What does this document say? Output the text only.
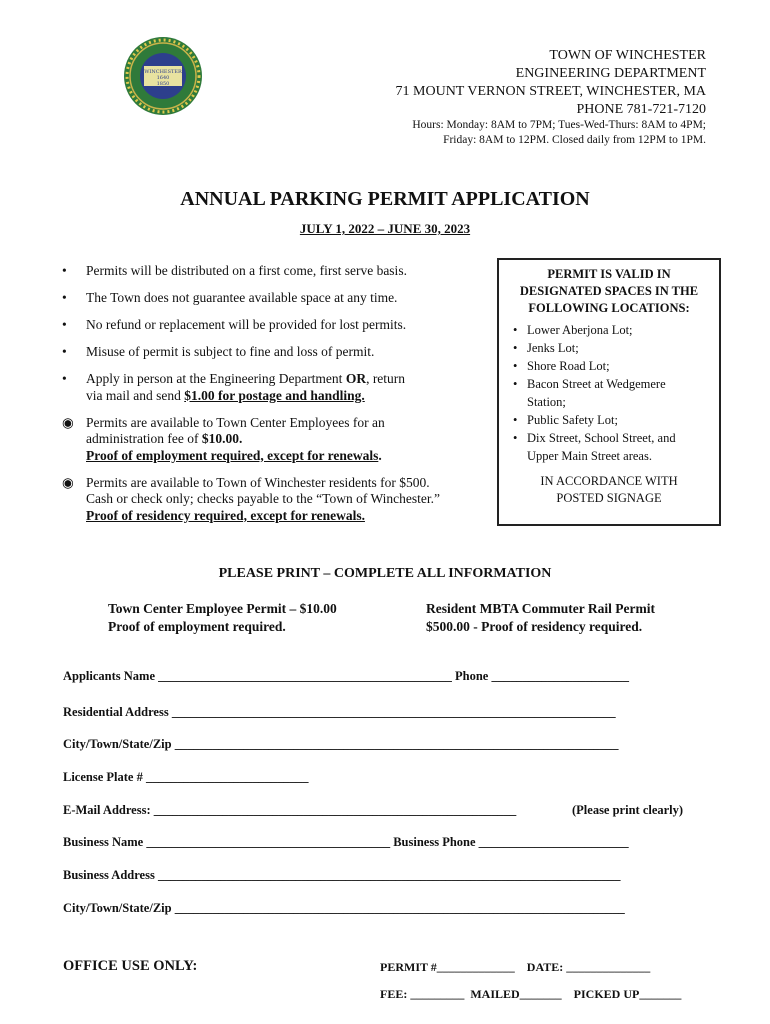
WINCHESTER
1640
1850
TOWN OF WINCHESTER
ENGINEERING DEPARTMENT
71 MOUNT VERNON STREET, WINCHESTER, MA
PHONE 781-721-7120
Hours: Monday: 8AM to 7PM; Tues-Wed-Thurs: 8AM to 4PM;
Friday: 8AM to 12PM. Closed daily from 12PM to 1PM.
ANNUAL PARKING PERMIT APPLICATION
JULY 1, 2022 – JUNE 30, 2023
•	Permits will be distributed on a first come, first serve basis.
•	The Town does not guarantee available space at any time.
•	No refund or replacement will be provided for lost permits.
•	Misuse of permit is subject to fine and loss of permit.
•	Apply in person at the Engineering Department OR, return
via mail and send $1.00 for postage and handling.
◉ Permits are available to Town Center Employees for an
administration fee of $10.00.
Proof of employment required, except for renewals.
◉ Permits are available to Town of Winchester residents for $500.
Cash or check only; checks payable to the “Town of Winchester.”
Proof of residency required, except for renewals.
PERMIT IS VALID IN
DESIGNATED SPACES IN THE
FOLLOWING LOCATIONS:
• Lower Aberjona Lot;
• Jenks Lot;
• Shore Road Lot;
• Bacon Street at Wedgemere
Station;
• Public Safety Lot;
• Dix Street, School Street, and
Upper Main Street areas.
IN ACCORDANCE WITH
POSTED SIGNAGE
PLEASE PRINT – COMPLETE ALL INFORMATION
Town Center Employee Permit – $10.00
Proof of employment required.
Resident MBTA Commuter Rail Permit
$500.00 - Proof of residency required.
Applicants Name _______________________________________________ Phone ______________________
Residential Address _______________________________________________________________________
City/Town/State/Zip _______________________________________________________________________
License Plate # __________________________
E-Mail Address: __________________________________________________________	(Please print clearly)
Business Name _______________________________________ Business Phone ________________________
Business Address __________________________________________________________________________
City/Town/State/Zip ________________________________________________________________________
OFFICE USE ONLY:	PERMIT #_____________    DATE: ______________
FEE: _________  MAILED_______    PICKED UP_______
